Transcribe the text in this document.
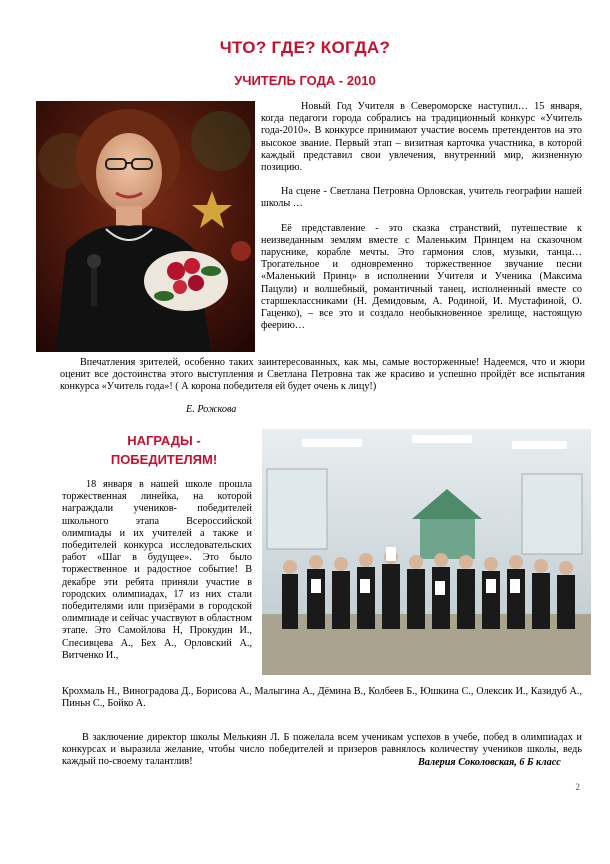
ЧТО? ГДЕ? КОГДА?
УЧИТЕЛЬ ГОДА - 2010

Новый Год Учителя в Североморске наступил… 15 января, когда педагоги города собрались на традиционный конкурс «Учитель года-2010». В конкурсе принимают участие восемь претендентов на это высокое звание. Первый этап – визитная карточка участника, в которой каждый представил свои увлечения, внутренний мир, жизненную позицию.

На сцене - Светлана Петровна Орловская, учитель географии нашей школы …

Её представление - это сказка странствий, путешествие к неизведанным землям вместе с Маленьким Принцем на сказочном паруснике, корабле мечты. Это гармония слов, музыки, танца…Трогательное и одновременно торжественное звучание песни «Маленький Принц» в исполнении Учителя и Ученика (Максима Пацули) и волшебный, романтичный танец, исполненный вместе со старшеклассниками (Н. Демидовым, А. Родиной, И. Мустафиной, О. Гаценко), – все это и создало необыкновенное зрелище, настоящую феерию…

Впечатления зрителей, особенно таких заинтересованных, как мы, самые восторженные! Надеемся, что и жюри оценит все достоинства этого выступления и Светлана Петровна так же красиво и успешно пройдёт все испытания конкурса «Учитель года»! ( А корона победителя ей будет очень к лицу!)
Е. Рожкова
НАГРАДЫ -
ПОБЕДИТЕЛЯМ!

18 января в нашей школе прошла торжественная линейка, на которой награждали учеников- победителей школьного этапа Всероссийской олимпиады и их учителей а также и победителей конкурса исследовательских работ «Шаг в будущее». Это было торжественное и радостное событие! В декабре эти ребята приняли участие в городских олимпиадах, 17 из них стали победителями или призёрами в городской олимпиаде и сейчас участвуют в областном этапе. Это Самойлова Н, Прокудин И., Спесивцева А., Бех А., Орловский А., Витченко И.,

Крохмаль Н., Виноградова Д., Борисова А., Малыгина А., Дёмина В., Колбеев Б., Юшкина С., Олексик И., Казидуб А., Пиньн С., Бойко А.
В заключение директор школы Мелькиян Л. Б пожелала всем ученикам успехов в учебе, побед в олимпиадах и конкурсах и выразила желание, чтобы число победителей и призеров равнялось количеству учеников школы, ведь каждый по-своему талантлив!	Валерия Соколовская, 6 Б класс
2
